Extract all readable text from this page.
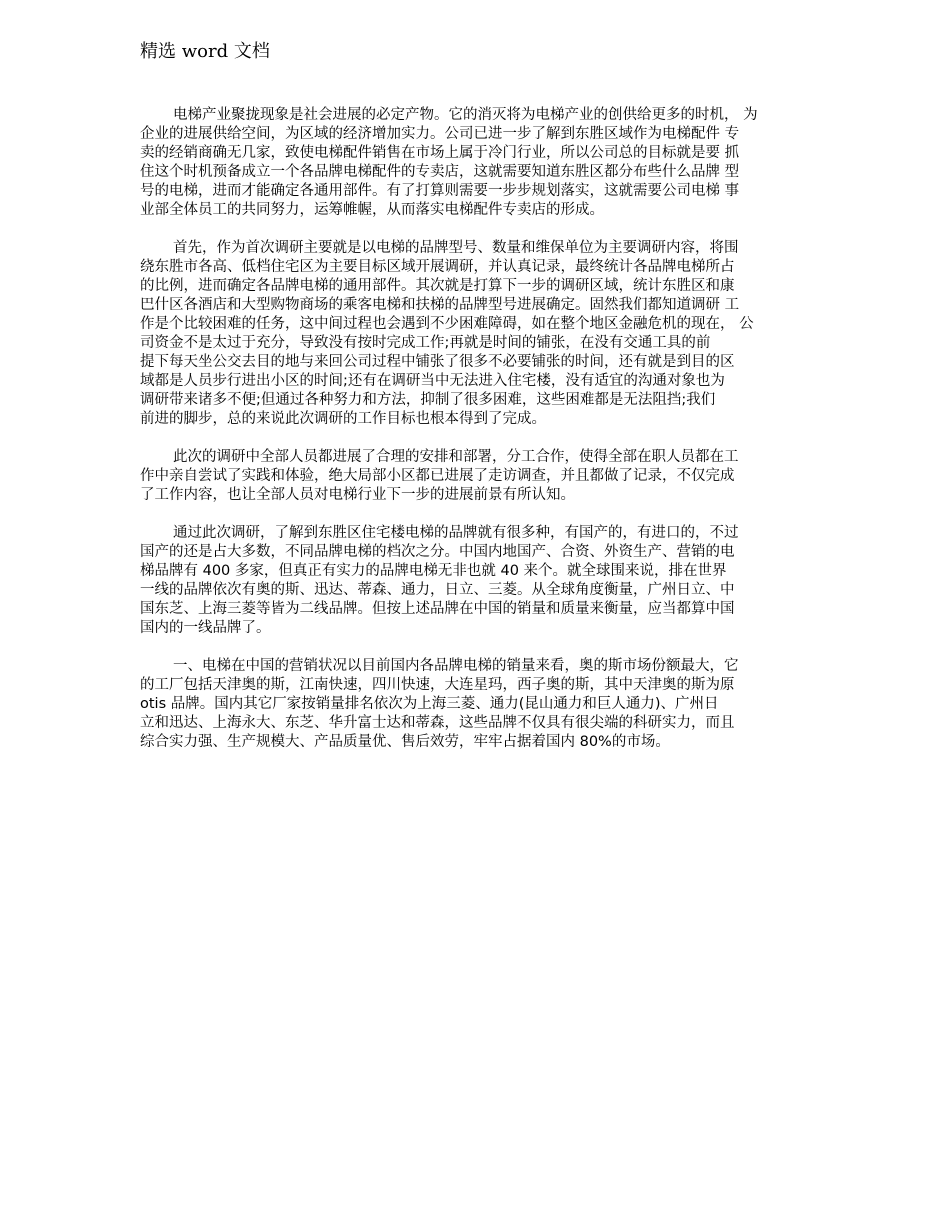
精选 word 文档
电梯产业聚拢现象是社会进展的必定产物。它的消灭将为电梯产业的创供给更多的时机， 为
企业的进展供给空间，为区域的经济增加实力。公司已进一步了解到东胜区域作为电梯配件 专
卖的经销商确无几家，致使电梯配件销售在市场上属于冷门行业，所以公司总的目标就是要 抓
住这个时机预备成立一个各品牌电梯配件的专卖店，这就需要知道东胜区都分布些什么品牌 型
号的电梯，进而才能确定各通用部件。有了打算则需要一步步规划落实，这就需要公司电梯 事
业部全体员工的共同努力，运筹帷幄，从而落实电梯配件专卖店的形成。
首先，作为首次调研主要就是以电梯的品牌型号、数量和维保单位为主要调研内容，将围
绕东胜市各高、低档住宅区为主要目标区域开展调研，并认真记录，最终统计各品牌电梯所占
的比例，进而确定各品牌电梯的通用部件。其次就是打算下一步的调研区域，统计东胜区和康
巴什区各酒店和大型购物商场的乘客电梯和扶梯的品牌型号进展确定。固然我们都知道调研 工
作是个比较困难的任务，这中间过程也会遇到不少困难障碍，如在整个地区金融危机的现在， 公
司资金不是太过于充分，导致没有按时完成工作;再就是时间的铺张，在没有交通工具的前
提下每天坐公交去目的地与来回公司过程中铺张了很多不必要铺张的时间，还有就是到目的区
域都是人员步行进出小区的时间;还有在调研当中无法进入住宅楼，没有适宜的沟通对象也为
调研带来诸多不便;但通过各种努力和方法，抑制了很多困难，这些困难都是无法阻挡;我们
前进的脚步，总的来说此次调研的工作目标也根本得到了完成。
此次的调研中全部人员都进展了合理的安排和部署，分工合作，使得全部在职人员都在工
作中亲自尝试了实践和体验，绝大局部小区都已进展了走访调查，并且都做了记录，不仅完成
了工作内容，也让全部人员对电梯行业下一步的进展前景有所认知。
通过此次调研，了解到东胜区住宅楼电梯的品牌就有很多种，有国产的，有进口的，不过
国产的还是占大多数，不同品牌电梯的档次之分。中国内地国产、合资、外资生产、营销的电
梯品牌有 400 多家，但真正有实力的品牌电梯无非也就 40 来个。就全球围来说，排在世界
一线的品牌依次有奥的斯、迅达、蒂森、通力，日立、三菱。从全球角度衡量，广州日立、中
国东芝、上海三菱等皆为二线品牌。但按上述品牌在中国的销量和质量来衡量，应当都算中国
国内的一线品牌了。
一、电梯在中国的营销状况以目前国内各品牌电梯的销量来看，奥的斯市场份额最大，它
的工厂包括天津奥的斯，江南快速，四川快速，大连星玛，西子奥的斯，其中天津奥的斯为原
otis 品牌。国内其它厂家按销量排名依次为上海三菱、通力(昆山通力和巨人通力)、广州日
立和迅达、上海永大、东芝、华升富士达和蒂森，这些品牌不仅具有很尖端的科研实力，而且
综合实力强、生产规模大、产品质量优、售后效劳，牢牢占据着国内 80%的市场。
